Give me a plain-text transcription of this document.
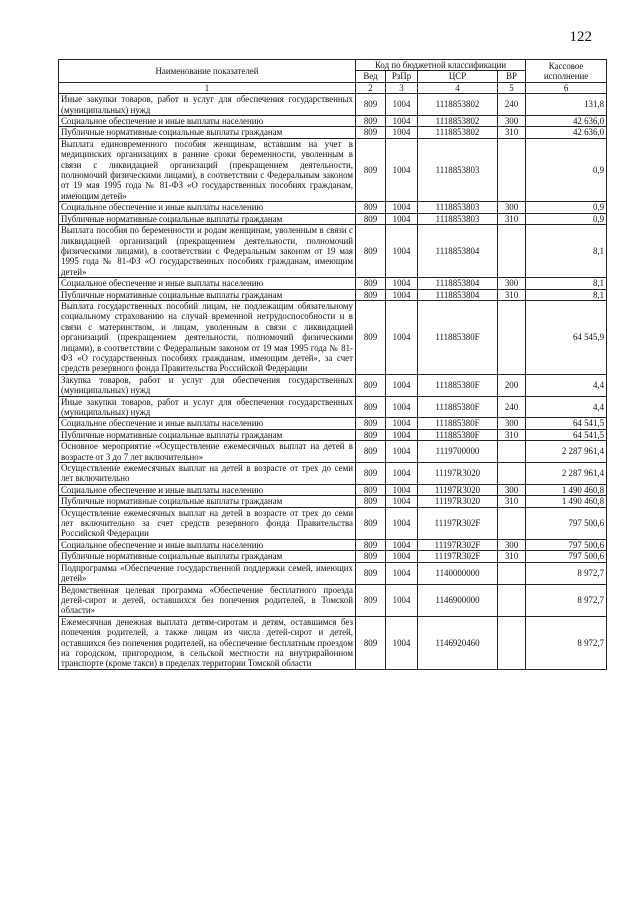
122
Наименование показателей	Код по бюджетной классификации				Кассовое исполнение
	Вед	РзПр	ЦСР	ВР	
1	2	3	4	5	6
Иные закупки товаров, работ и услуг для обеспечения государственных (муниципальных) нужд	809	1004	1118853802	240	131,8
Социальное обеспечение и иные выплаты населению	809	1004	1118853802	300	42 636,0
Публичные нормативные социальные выплаты гражданам	809	1004	1118853802	310	42 636,0
Выплата единовременного пособия женщинам, вставшим на учет в медицинских организациях в ранние сроки беременности, уволенным в связи с ликвидацией организаций (прекращением деятельности, полномочий физическими лицами), в соответствии с Федеральным законом от 19 мая 1995 года № 81-ФЗ «О государственных пособиях гражданам, имеющим детей»	809	1004	1118853803		0,9
Социальное обеспечение и иные выплаты населению	809	1004	1118853803	300	0,9
Публичные нормативные социальные выплаты гражданам	809	1004	1118853803	310	0,9
Выплата пособия по беременности и родам женщинам, уволенным в связи с ликвидацией организаций (прекращением деятельности, полномочий физическими лицами), в соответствии с Федеральным законом от 19 мая 1995 года № 81-ФЗ «О государственных пособиях гражданам, имеющим детей»	809	1004	1118853804		8,1
Социальное обеспечение и иные выплаты населению	809	1004	1118853804	300	8,1
Публичные нормативные социальные выплаты гражданам	809	1004	1118853804	310	8,1
Выплата государственных пособий лицам, не подлежащим обязательному социальному страхованию на случай временной нетрудоспособности и в связи с материнством, и лицам, уволенным в связи с ликвидацией организаций (прекращением деятельности, полномочий физическими лицами), в соответствии с Федеральным законом от 19 мая 1995 года № 81-ФЗ «О государственных пособиях гражданам, имеющим детей», за счет средств резервного фонда Правительства Российской Федерации	809	1004	111885380F		64 545,9
Закупка товаров, работ и услуг для обеспечения государственных (муниципальных) нужд	809	1004	111885380F	200	4,4
Иные закупки товаров, работ и услуг для обеспечения государственных (муниципальных) нужд	809	1004	111885380F	240	4,4
Социальное обеспечение и иные выплаты населению	809	1004	111885380F	300	64 541,5
Публичные нормативные социальные выплаты гражданам	809	1004	111885380F	310	64 541,5
Основное мероприятие «Осуществление ежемесячных выплат на детей в возрасте от 3 до 7 лет включительно»	809	1004	1119700000		2 287 961,4
Осуществление ежемесячных выплат на детей в возрасте от трех до семи лет включительно	809	1004	11197R3020		2 287 961,4
Социальное обеспечение и иные выплаты населению	809	1004	11197R3020	300	1 490 460,8
Публичные нормативные социальные выплаты гражданам	809	1004	11197R3020	310	1 490 460,8
Осуществление ежемесячных выплат на детей в возрасте от трех до семи лет включительно за счет средств резервного фонда Правительства Российской Федерации	809	1004	11197R302F		797 500,6
Социальное обеспечение и иные выплаты населению	809	1004	11197R302F	300	797 500,6
Публичные нормативные социальные выплаты гражданам	809	1004	11197R302F	310	797 500,6
Подпрограмма «Обеспечение государственной поддержки семей, имеющих детей»	809	1004	1140000000		8 972,7
Ведомственная целевая программа «Обеспечение бесплатного проезда детей-сирот и детей, оставшихся без попечения родителей, в Томской области»	809	1004	1146900000		8 972,7
Ежемесячная денежная выплата детям-сиротам и детям, оставшимся без попечения родителей, а также лицам из числа детей-сирот и детей, оставшихся без попечения родителей, на обеспечение бесплатным проездом на городском, пригородном, в сельской местности на внутрирайонном транспорте (кроме такси) в пределах территории Томской области	809	1004	1146920460		8 972,7
